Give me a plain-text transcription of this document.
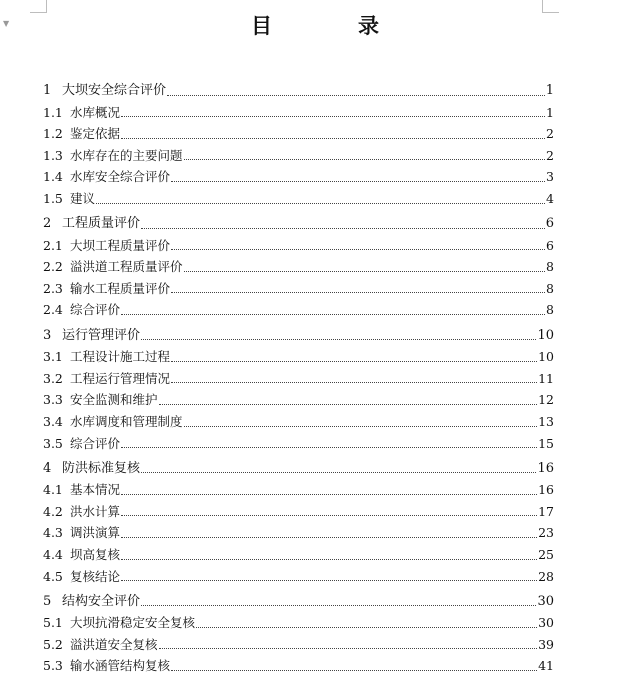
▼	目	录
1 大坝安全综合评价	1
1.1 水库概况	1
1.2 鉴定依据	2
1.3 水库存在的主要问题	2
1.4 水库安全综合评价	3
1.5 建议	4
2 工程质量评价	6
2.1 大坝工程质量评价	6
2.2 溢洪道工程质量评价	8
2.3 输水工程质量评价	8
2.4 综合评价	8
3 运行管理评价	10
3.1 工程设计施工过程	10
3.2 工程运行管理情况	11
3.3 安全监测和维护	12
3.4 水库调度和管理制度	13
3.5 综合评价	15
4 防洪标准复核	16
4.1 基本情况	16
4.2 洪水计算	17
4.3 调洪演算	23
4.4 坝高复核	25
4.5 复核结论	28
5 结构安全评价	30
5.1 大坝抗滑稳定安全复核	30
5.2 溢洪道安全复核	39
5.3 输水涵管结构复核	41
